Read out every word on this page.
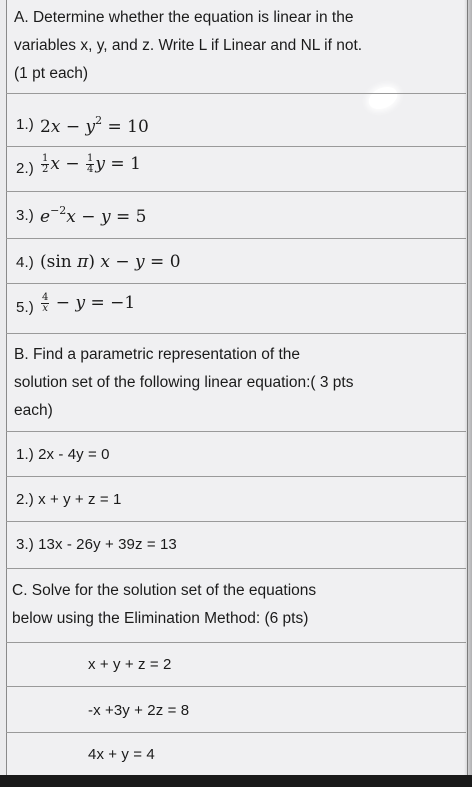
A. Determine whether the equation is linear in the
variables x, y, and z. Write L if Linear and NL if not.
(1 pt each)
1.) $2x - y^2 = 10$
$2.) \frac{1}{2}$ $x - \frac{1}{4}$ y = 1
3.) $e^{-2}x - y = 5$
4.) (sin π) x − y = 0
$5.) \frac{4}{x} - y = -1$
B. Find a parametric representation of the
solution set of the following linear equation:( 3 pts
each)
1.) 2x - 4y = 0
2.) x + y + z = 1
3.) 13x - 26y + 39z = 13
C. Solve for the solution set of the equations
below using the Elimination Method: (6 pts)
x + y + z = 2
-x +3y + 2z = 8
4x + y = 4
